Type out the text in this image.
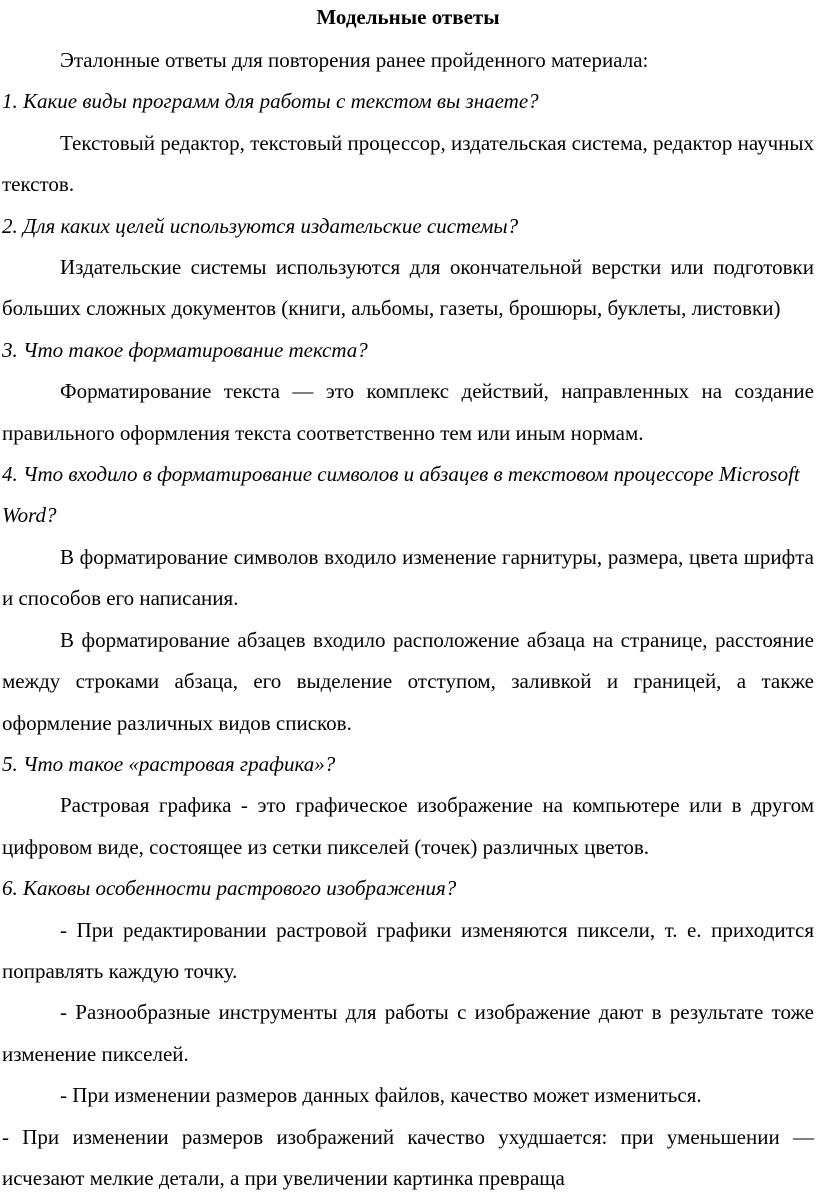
Модельные ответы

Эталонные ответы для повторения ранее пройденного материала:

1. Какие виды программ для работы с текстом вы знаете?

Текстовый редактор, текстовый процессор, издательская система, редактор научных текстов.

2. Для каких целей используются издательские системы?

Издательские системы используются для окончательной верстки или подготовки больших сложных документов (книги, альбомы, газеты, брошюры, буклеты, листовки)

3. Что такое форматирование текста?

Форматирование текста — это комплекс действий, направленных на создание правильного оформления текста соответственно тем или иным нормам.

4. Что входило в форматирование символов и абзацев в текстовом процессоре Microsoft Word?

В форматирование символов входило изменение гарнитуры, размера, цвета шрифта и способов его написания.

В форматирование абзацев входило расположение абзаца на странице, расстояние между строками абзаца, его выделение отступом, заливкой и границей, а также оформление различных видов списков.

5. Что такое «растровая графика»?

Растровая графика - это графическое изображение на компьютере или в другом цифровом виде, состоящее из сетки пикселей (точек) различных цветов.

6. Каковы особенности растрового изображения?

- При редактировании растровой графики изменяются пиксели, т. е. приходится поправлять каждую точку.

- Разнообразные инструменты для работы с изображение дают в результате тоже изменение пикселей.

- При изменении размеров данных файлов, качество может измениться.

- При изменении размеров изображений качество ухудшается: при уменьшении — исчезают мелкие детали, а при увеличении картинка превраща
